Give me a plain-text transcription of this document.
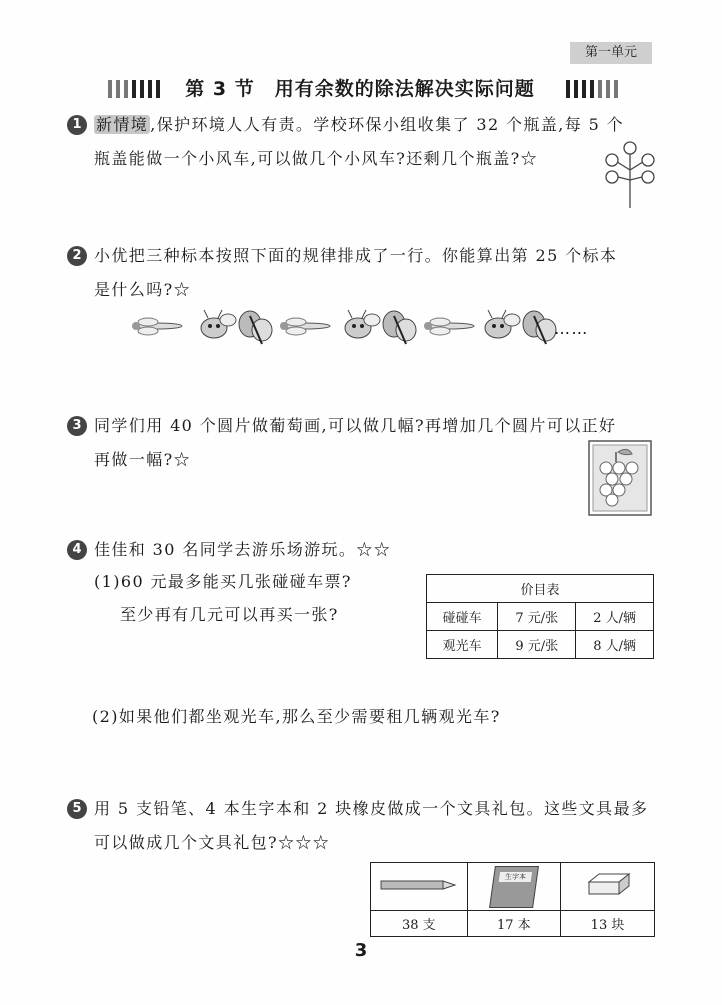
第一单元
第 3 节 用有余数的除法解决实际问题
1 新情境 ,保护环境人人有责。学校环保小组收集了 32 个瓶盖,每 5 个
瓶盖能做一个小风车,可以做几个小风车?还剩几个瓶盖?☆
2 小优把三种标本按照下面的规律排成了一行。你能算出第 25 个标本
是什么吗?☆
……
3 同学们用 40 个圆片做葡萄画,可以做几幅?再增加几个圆片可以正好
再做一幅?☆
4 佳佳和 30 名同学去游乐场游玩。☆☆
(1)60 元最多能买几张碰碰车票?
至少再有几元可以再买一张?
价目表		
碰碰车	7 元/张	2 人/辆
观光车	9 元/张	8 人/辆
(2)如果他们都坐观光车,那么至少需要租几辆观光车?
5 用 5 支铅笔、4 本生字本和 2 块橡皮做成一个文具礼包。这些文具最多
可以做成几个文具礼包?☆☆☆

生字本

38 支	17 本	13 块
3
